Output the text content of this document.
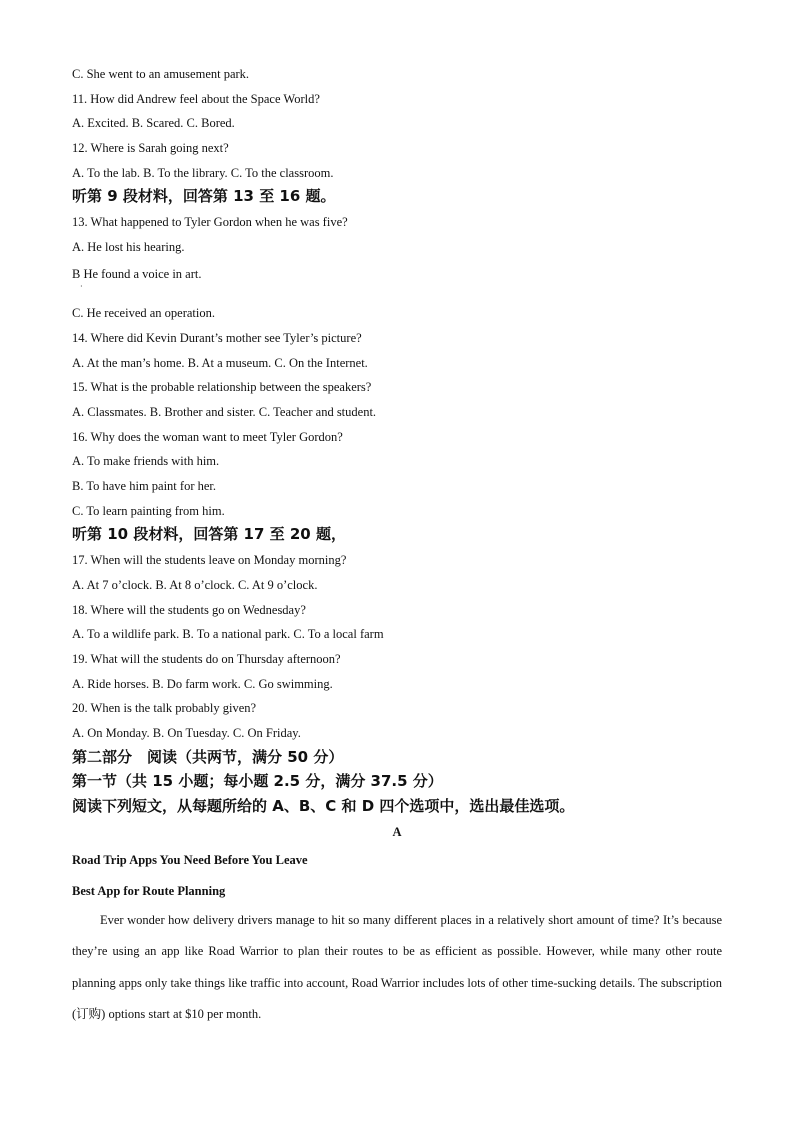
C. She went to an amusement park.
11. How did Andrew feel about the Space World?
A. Excited. B. Scared. C. Bored.
12. Where is Sarah going next?
A. To the lab. B. To the library. C. To the classroom.
听第 9 段材料，回答第 13 至 16 题。
13. What happened to Tyler Gordon when he was five?
A. He lost his hearing.
B He found a voice in art.
·
C. He received an operation.
14. Where did Kevin Durant’s mother see Tyler’s picture?
A. At the man’s home. B. At a museum. C. On the Internet.
15. What is the probable relationship between the speakers?
A. Classmates. B. Brother and sister. C. Teacher and student.
16. Why does the woman want to meet Tyler Gordon?
A. To make friends with him.
B. To have him paint for her.
C. To learn painting from him.
听第 10 段材料，回答第 17 至 20 题，
17. When will the students leave on Monday morning?
A. At 7 o’clock. B. At 8 o’clock. C. At 9 o’clock.
18. Where will the students go on Wednesday?
A. To a wildlife park. B. To a national park. C. To a local farm
19. What will the students do on Thursday afternoon?
A. Ride horses. B. Do farm work. C. Go swimming.
20. When is the talk probably given?
A. On Monday. B. On Tuesday. C. On Friday.
第二部分　阅读（共两节，满分 50 分）
第一节（共 15 小题；每小题 2.5 分，满分 37.5 分）
阅读下列短文，从每题所给的 A、B、C 和 D 四个选项中，选出最佳选项。
A
Road Trip Apps You Need Before You Leave
Best App for Route Planning
Ever wonder how delivery drivers manage to hit so many different places in a relatively short amount of time? It’s because they’re using an app like Road Warrior to plan their routes to be as efficient as possible. However, while many other route planning apps only take things like traffic into account, Road Warrior includes lots of other time-sucking details. The subscription (订购) options start at $10 per month.
